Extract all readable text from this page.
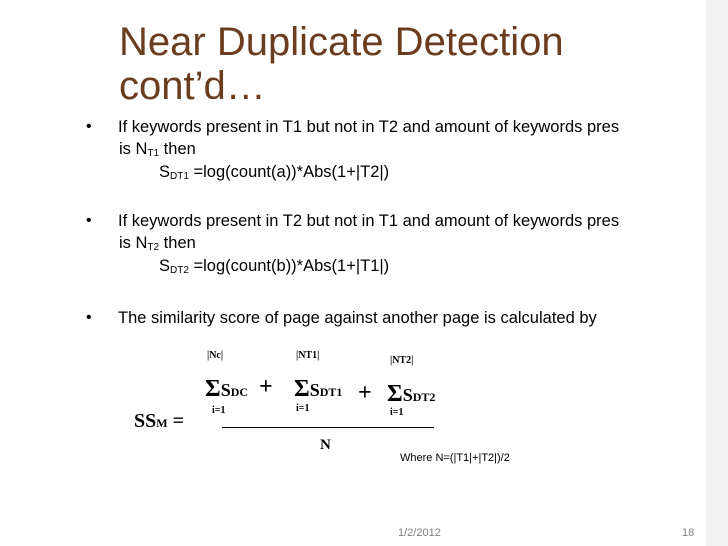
Near Duplicate Detection
cont’d…
• If keywords present in T1 but not in T2 and amount of keywords pres
is $N_{T1}$ then
$S_{DT1}$ =log(count(a))*Abs(1+|T2|)
• If keywords present in T2 but not in T1 and amount of keywords pres
is $N_{T2}$ then
$S_{DT2}$ =log(count(b))*Abs(1+|T1|)
• The similarity score of page against another page is calculated by
|Nc|	|NT1|	|NT2|
ΣSDC + ΣSDT1 + ΣSDT2
i=1	i=1	i=1
SSM =
N
Where N=(|T1|+|T2|)/2
1/2/2012	18
